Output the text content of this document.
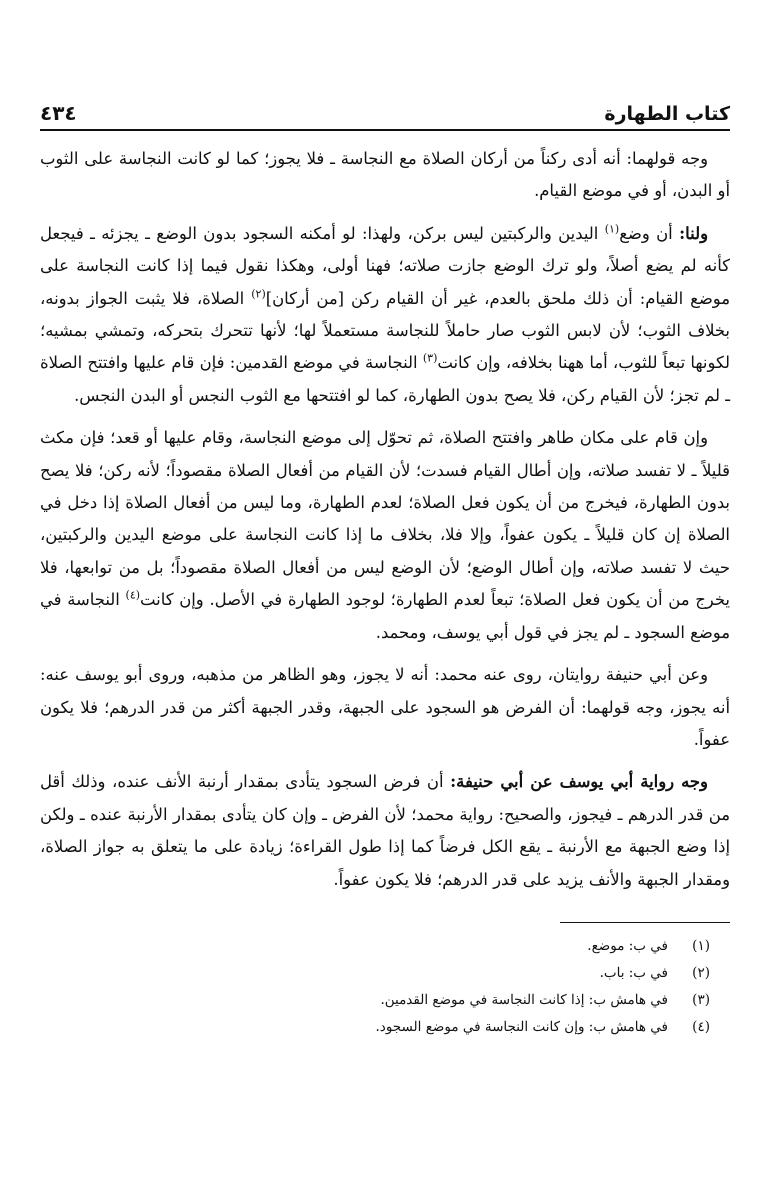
كتاب الطهارة
٤٣٤

وجه قولهما: أنه أدى ركناً من أركان الصلاة مع النجاسة ـ فلا يجوز؛ كما لو كانت النجاسة على الثوب أو البدن، أو في موضع القيام.

ولنا: أن وضع$^{(١)}$ اليدين والركبتين ليس بركن، ولهذا: لو أمكنه السجود بدون الوضع ـ يجزئه ـ فيجعل كأنه لم يضع أصلاً، ولو ترك الوضع جازت صلاته؛ فهنا أولى، وهكذا نقول فيما إذا كانت النجاسة على موضع القيام: أن ذلك ملحق بالعدم، غير أن القيام ركن [من أركان]$^{(٢)}$ الصلاة، فلا يثبت الجواز بدونه، بخلاف الثوب؛ لأن لابس الثوب صار حاملاً للنجاسة مستعملاً لها؛ لأنها تتحرك بتحركه، وتمشي بمشيه؛ لكونها تبعاً للثوب، أما ههنا بخلافه، وإن كانت$^{(٣)}$ النجاسة في موضع القدمين: فإن قام عليها وافتتح الصلاة ـ لم تجز؛ لأن القيام ركن، فلا يصح بدون الطهارة، كما لو افتتحها مع الثوب النجس أو البدن النجس.

وإن قام على مكان طاهر وافتتح الصلاة، ثم تحوّل إلى موضع النجاسة، وقام عليها أو قعد؛ فإن مكث قليلاً ـ لا تفسد صلاته، وإن أطال القيام فسدت؛ لأن القيام من أفعال الصلاة مقصوداً؛ لأنه ركن؛ فلا يصح بدون الطهارة، فيخرج من أن يكون فعل الصلاة؛ لعدم الطهارة، وما ليس من أفعال الصلاة إذا دخل في الصلاة إن كان قليلاً ـ يكون عفواً، وإلا فلا، بخلاف ما إذا كانت النجاسة على موضع اليدين والركبتين، حيث لا تفسد صلاته، وإن أطال الوضع؛ لأن الوضع ليس من أفعال الصلاة مقصوداً؛ بل من توابعها، فلا يخرج من أن يكون فعل الصلاة؛ تبعاً لعدم الطهارة؛ لوجود الطهارة في الأصل. وإن كانت$^{(٤)}$ النجاسة في موضع السجود ـ لم يجز في قول أبي يوسف، ومحمد.

وعن أبي حنيفة روايتان، روى عنه محمد: أنه لا يجوز، وهو الظاهر من مذهبه، وروى أبو يوسف عنه: أنه يجوز، وجه قولهما: أن الفرض هو السجود على الجبهة، وقدر الجبهة أكثر من قدر الدرهم؛ فلا يكون عفواً.

وجه رواية أبي يوسف عن أبي حنيفة: أن فرض السجود يتأدى بمقدار أرنبة الأنف عنده، وذلك أقل من قدر الدرهم ـ فيجوز، والصحيح: رواية محمد؛ لأن الفرض ـ وإن كان يتأدى بمقدار الأرنبة عنده ـ ولكن إذا وضع الجبهة مع الأرنبة ـ يقع الكل فرضاً كما إذا طول القراءة؛ زيادة على ما يتعلق به جواز الصلاة، ومقدار الجبهة والأنف يزيد على قدر الدرهم؛ فلا يكون عفواً.

(١)
في ب: موضع.
(٢)
في ب: باب.
(٣)
في هامش ب: إذا كانت النجاسة في موضع القدمين.
(٤)
في هامش ب: وإن كانت النجاسة في موضع السجود.
